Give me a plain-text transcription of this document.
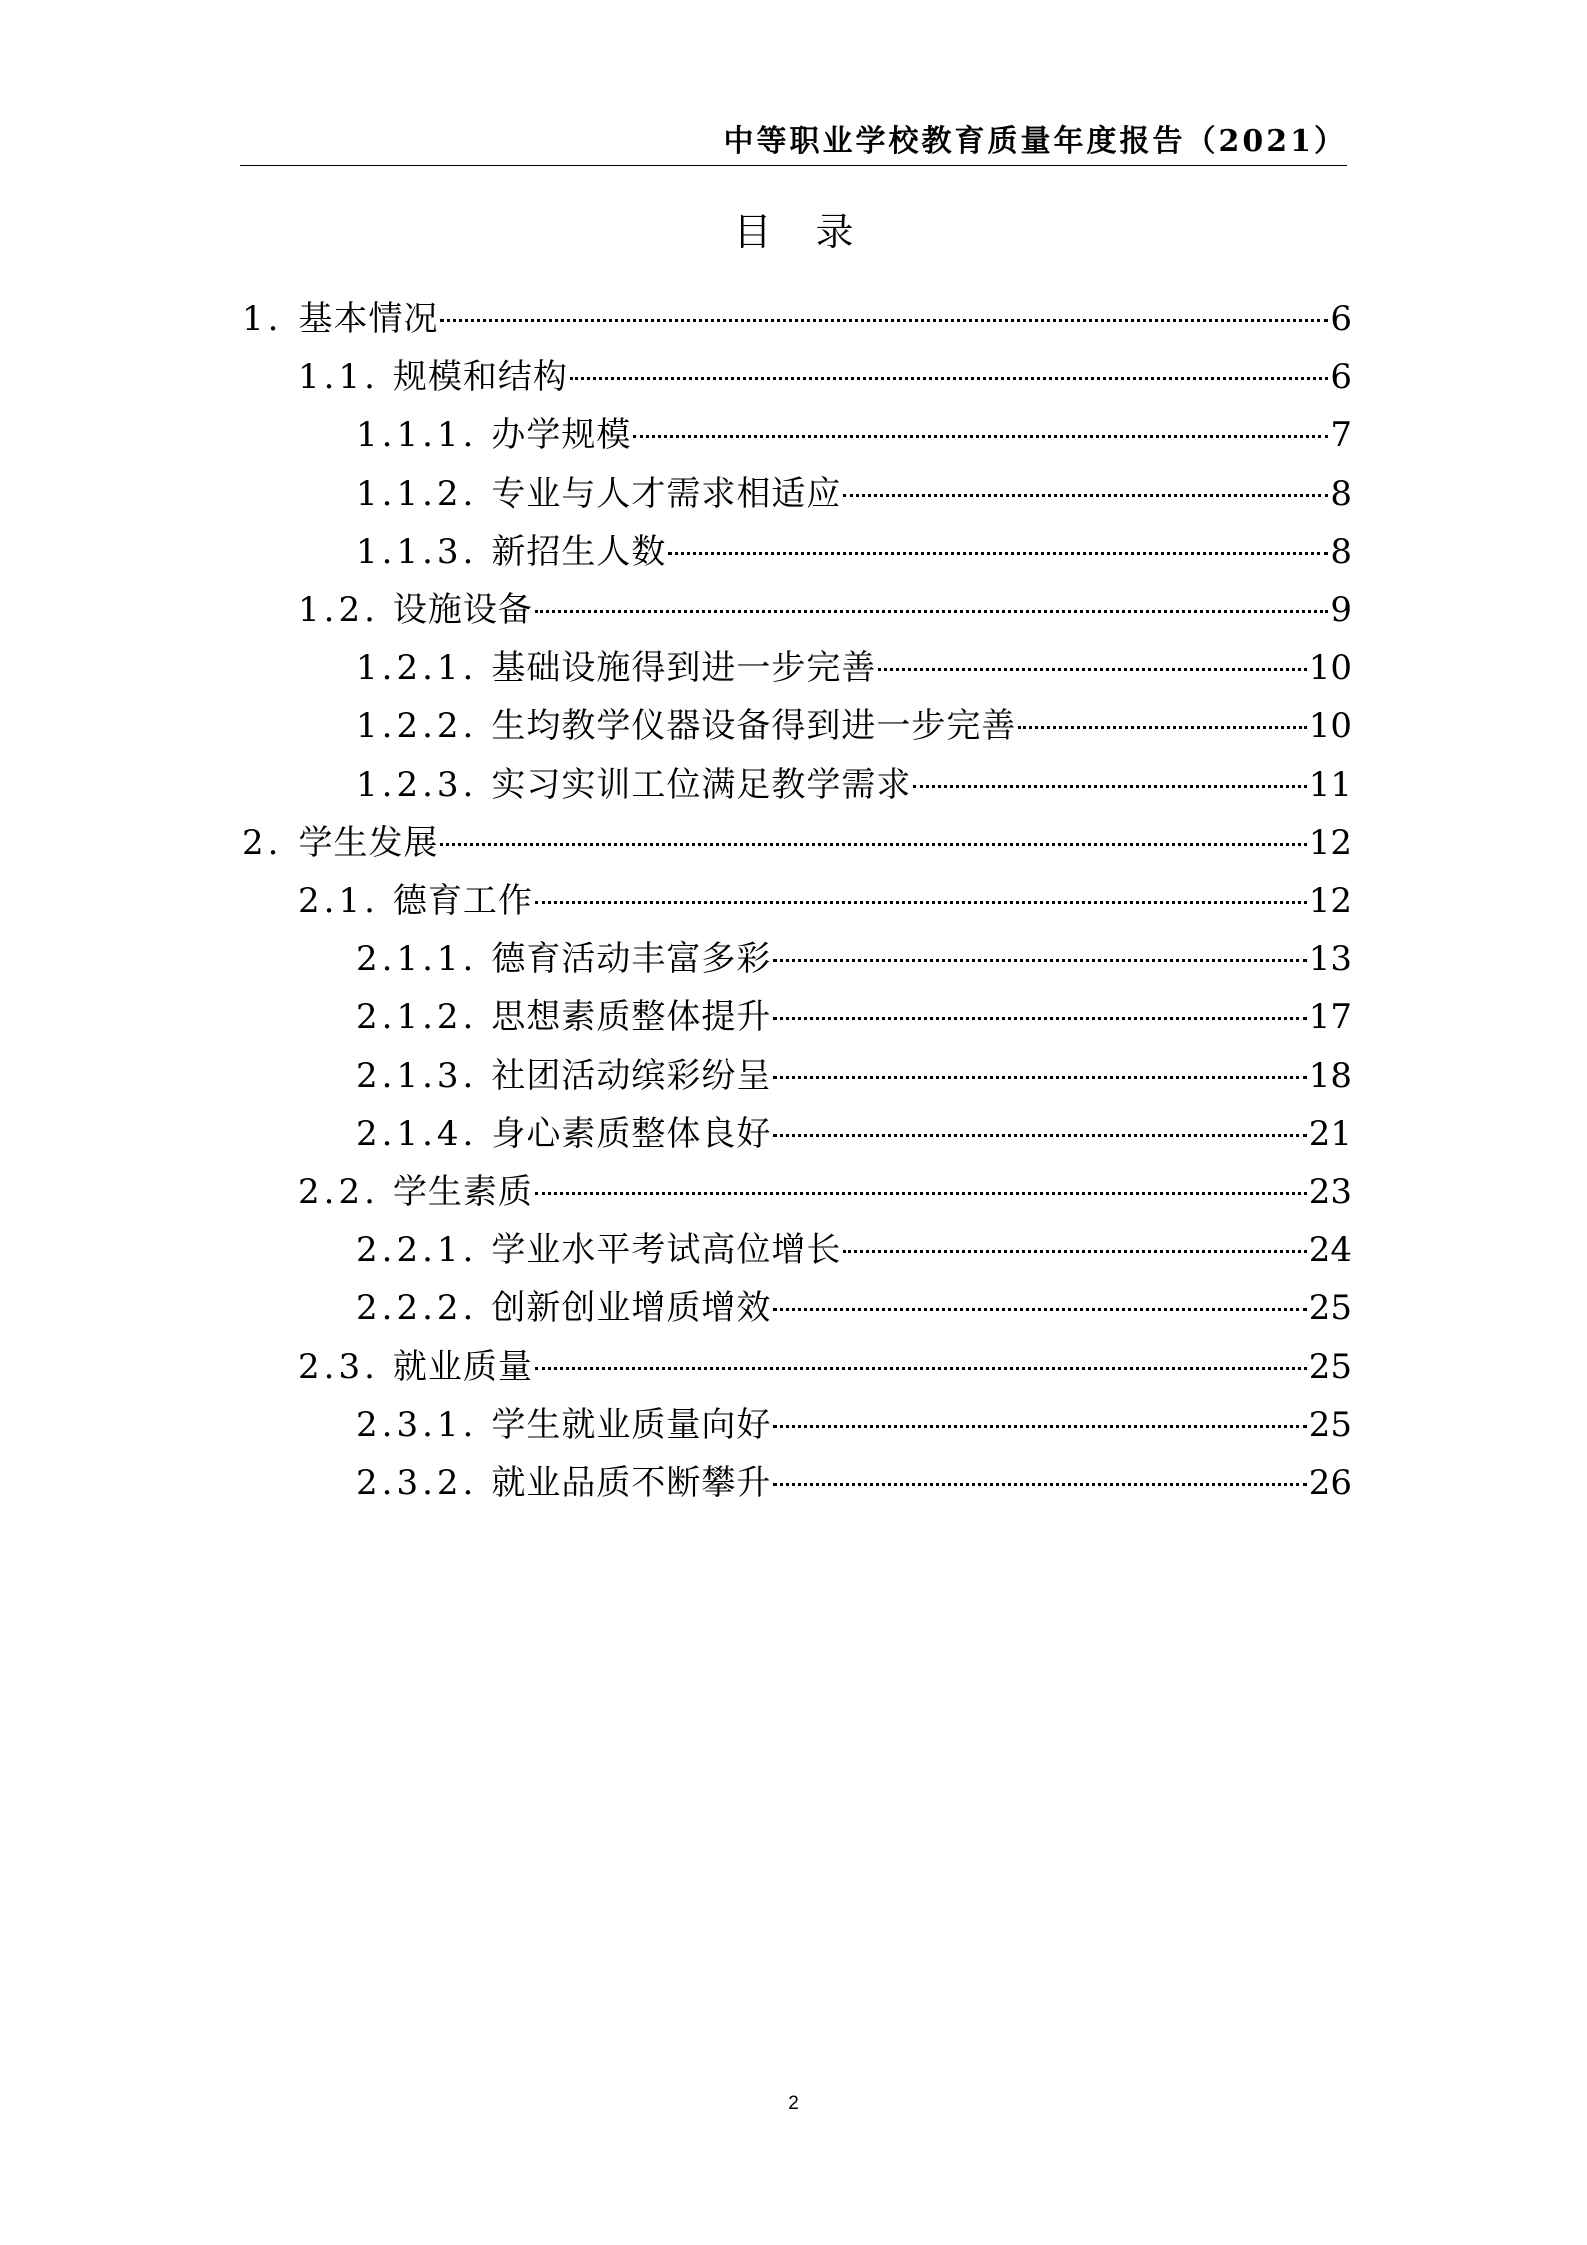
中等职业学校教育质量年度报告（2021）
目 录
1. 基本情况	6
1.1. 规模和结构	6
1.1.1. 办学规模	7
1.1.2. 专业与人才需求相适应	8
1.1.3. 新招生人数	8
1.2. 设施设备	9
1.2.1. 基础设施得到进一步完善	10
1.2.2. 生均教学仪器设备得到进一步完善	10
1.2.3. 实习实训工位满足教学需求	11
2. 学生发展	12
2.1. 德育工作	12
2.1.1. 德育活动丰富多彩	13
2.1.2. 思想素质整体提升	17
2.1.3. 社团活动缤彩纷呈	18
2.1.4. 身心素质整体良好	21
2.2. 学生素质	23
2.2.1. 学业水平考试高位增长	24
2.2.2. 创新创业增质增效	25
2.3. 就业质量	25
2.3.1. 学生就业质量向好	25
2.3.2. 就业品质不断攀升	26
2
